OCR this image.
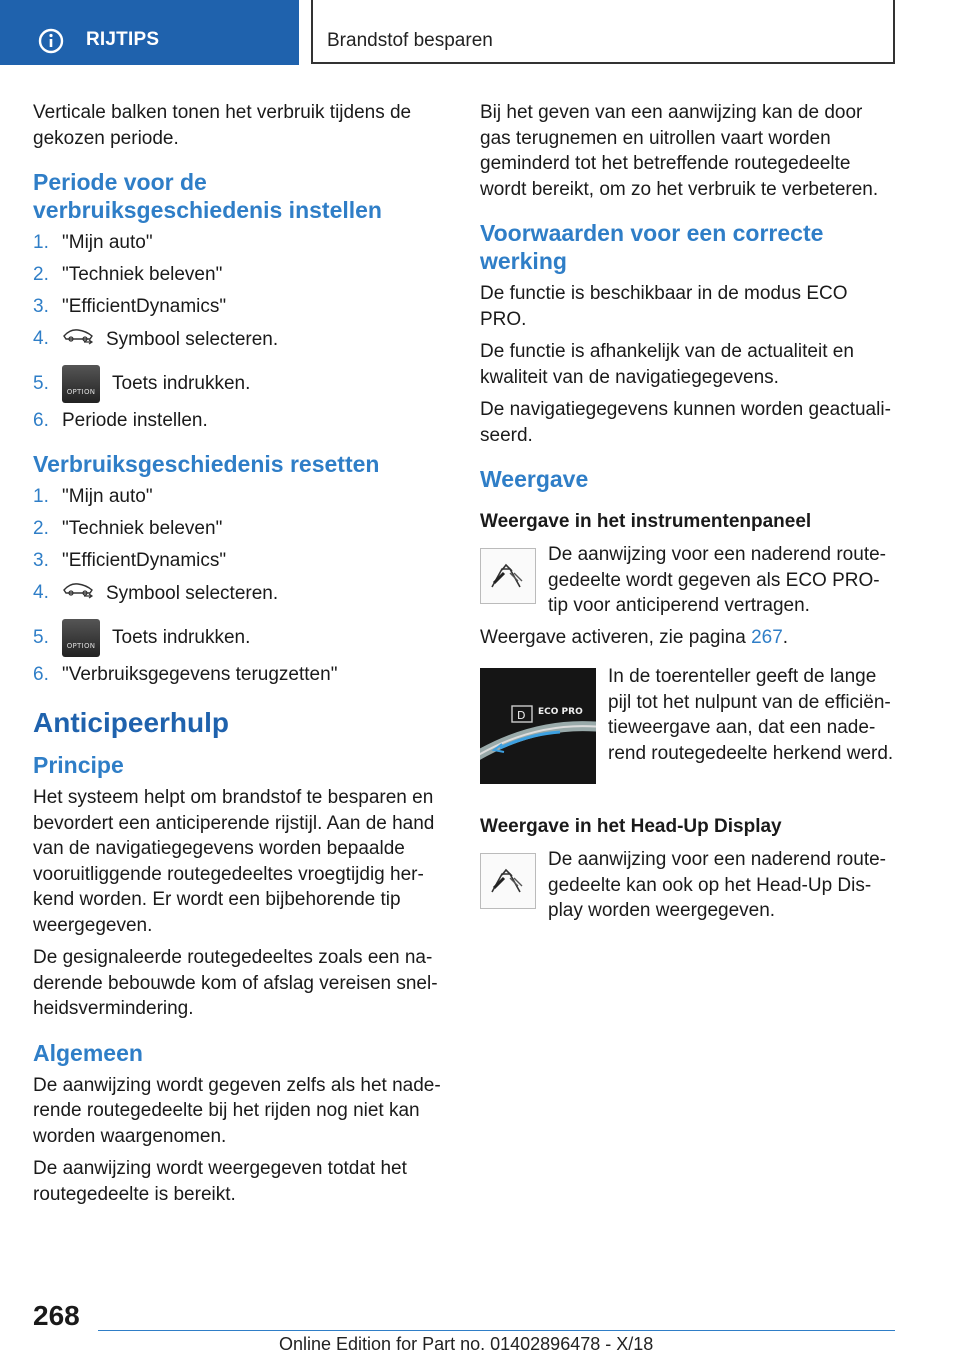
RIJTIPS	Brandstof besparen

Verticale balken tonen het verbruik tijdens de gekozen periode.

Periode voor de verbruiksgeschiedenis instellen
1. "Mijn auto"
2. "Techniek beleven"
3. "EfficientDynamics"
4.	Symbool selecteren.
5.	OPTION Toets indrukken.
6. Periode instellen.
Verbruiksgeschiedenis resetten
1. "Mijn auto"
2. "Techniek beleven"
3. "EfficientDynamics"
4.	Symbool selecteren.
5.	OPTION Toets indrukken.
6. "Verbruiksgegevens terugzetten"
Anticipeerhulp
Principe

Het systeem helpt om brandstof te besparen en bevordert een anticiperende rijstijl. Aan de hand van de navigatiegegevens worden bepaalde vooruitliggende routegedeeltes vroegtijdig herkend worden. Er wordt een bijbehorende tip weergegeven.

De gesignaleerde routegedeeltes zoals een naderende bebouwde kom of afslag vereisen snelheidsvermindering.

Algemeen

De aanwijzing wordt gegeven zelfs als het naderende routegedeelte bij het rijden nog niet kan worden waargenomen.

De aanwijzing wordt weergegeven totdat het routegedeelte is bereikt.

Bij het geven van een aanwijzing kan de door gas terugnemen en uitrollen vaart worden geminderd tot het betreffende routegedeelte wordt bereikt, om zo het verbruik te verbeteren.

Voorwaarden voor een correcte werking

De functie is beschikbaar in de modus ECO PRO.

De functie is afhankelijk van de actualiteit en kwaliteit van de navigatiegegevens.

De navigatiegegevens kunnen worden geactualiseerd.

Weergave
Weergave in het instrumentenpaneel

De aanwijzing voor een naderend routegedeelte wordt gegeven als ECO PRO-tip voor anticiperend vertragen.

Weergave activeren, zie pagina 267.

D ECO PRO

In de toerenteller geeft de lange pijl tot het nulpunt van de efficiëntieweergave aan, dat een naderend routegedeelte herkend werd.

Weergave in het Head-Up Display

De aanwijzing voor een naderend routegedeelte kan ook op het Head-Up Display worden weergegeven.

268
Online Edition for Part no. 01402896478 - X/18
